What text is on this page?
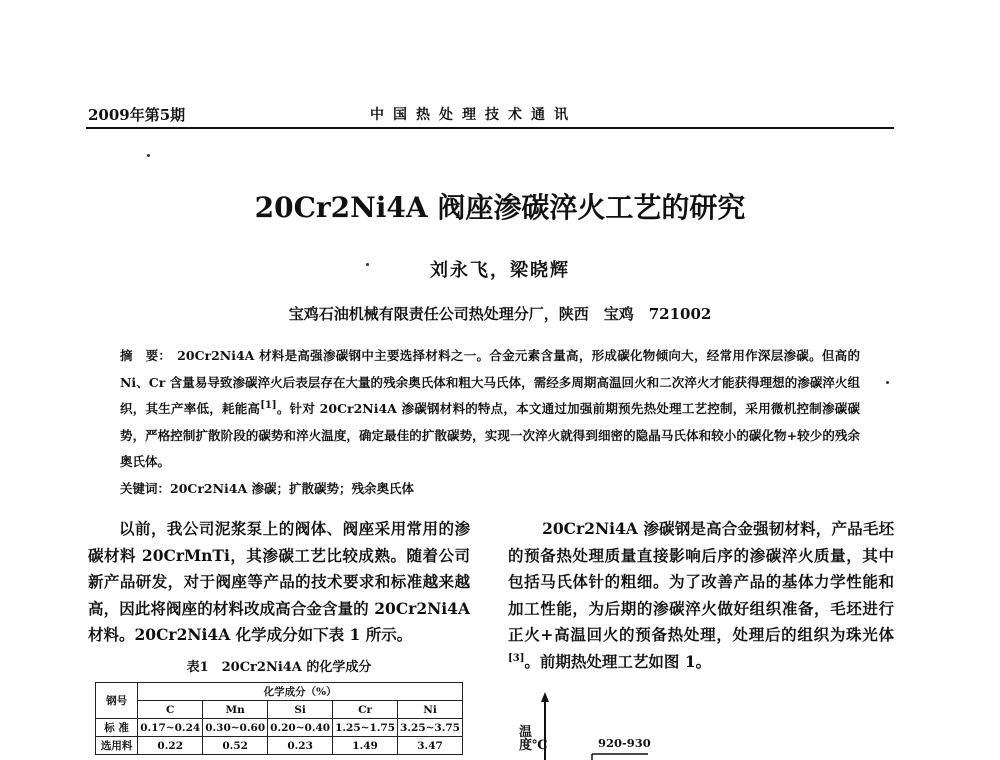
2009年第5期	中国热处理技术通讯
20Cr2Ni4A 阀座渗碳淬火工艺的研究
刘永飞，梁晓辉
宝鸡石油机械有限责任公司热处理分厂，陕西　宝鸡　721002
摘　要： 20Cr2Ni4A 材料是高强渗碳钢中主要选择材料之一。合金元素含量高，形成碳化物倾向大，经常用作深层渗碳。但高的 Ni、Cr 含量易导致渗碳淬火后表层存在大量的残余奥氏体和粗大马氏体，需经多周期高温回火和二次淬火才能获得理想的渗碳淬火组织，其生产率低，耗能高[1]。针对 20Cr2Ni4A 渗碳钢材料的特点，本文通过加强前期预先热处理工艺控制，采用微机控制渗碳碳势，严格控制扩散阶段的碳势和淬火温度，确定最佳的扩散碳势，实现一次淬火就得到细密的隐晶马氏体和较小的碳化物+较少的残余奥氏体。
关键词：20Cr2Ni4A 渗碳；扩散碳势；残余奥氏体
以前，我公司泥浆泵上的阀体、阀座采用常用的渗碳材料 20CrMnTi，其渗碳工艺比较成熟。随着公司新产品研发，对于阀座等产品的技术要求和标准越来越高，因此将阀座的材料改成高合金含量的 20Cr2Ni4A 材料。20Cr2Ni4A 化学成分如下表 1 所示。
20Cr2Ni4A 渗碳钢是高合金强韧材料，产品毛坯的预备热处理质量直接影响后序的渗碳淬火质量，其中包括马氏体针的粗细。为了改善产品的基体力学性能和加工性能，为后期的渗碳淬火做好组织准备，毛坯进行正火+高温回火的预备热处理，处理后的组织为珠光体[3]。前期热处理工艺如图 1。
表1　20Cr2Ni4A 的化学成分
钢号	化学成分（%）				
	C	Mn	Si	Cr	Ni
标 准	0.17~0.24	0.30~0.60	0.20~0.40	1.25~1.75	3.25~3.75
选用料	0.22	0.52	0.23	1.49	3.47
温度℃	920-930
